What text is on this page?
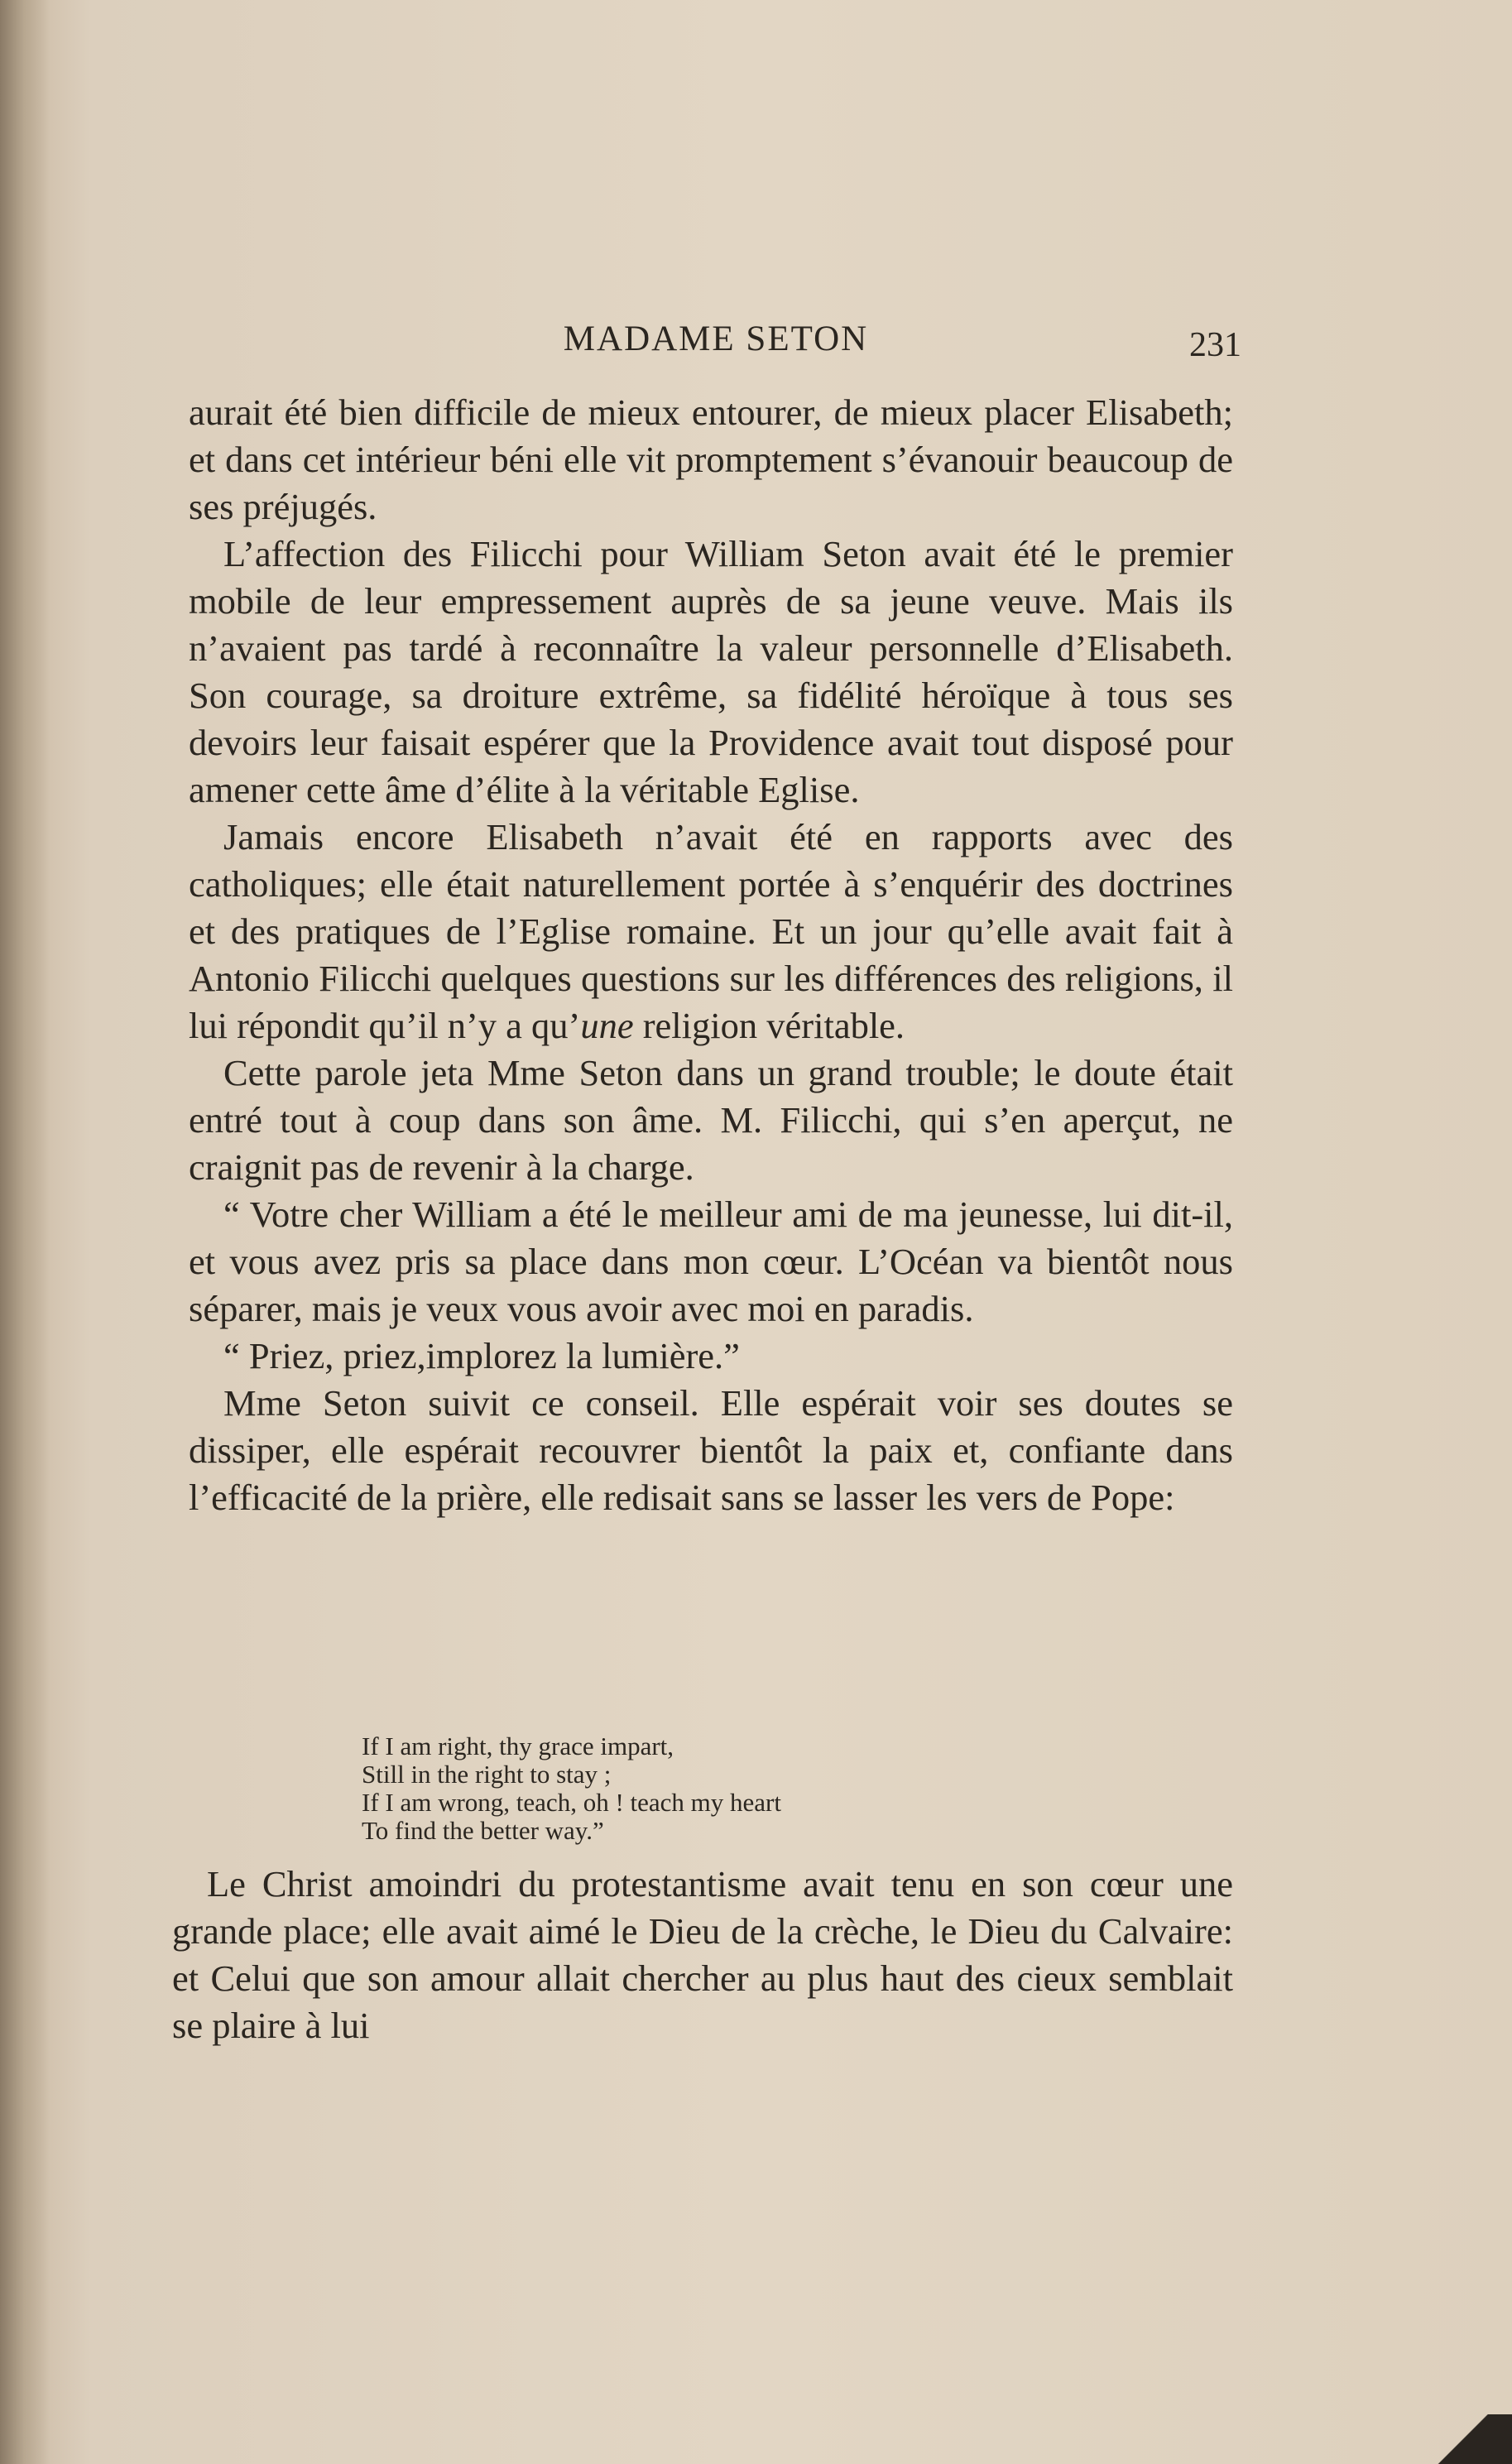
MADAME SETON	231

aurait été bien difficile de mieux entourer, de mieux placer Elisabeth; et dans cet intérieur béni elle vit promptement s’évanouir beaucoup de ses préjugés.

L’affection des Filicchi pour William Seton avait été le premier mobile de leur empressement auprès de sa jeune veuve. Mais ils n’avaient pas tardé à reconnaître la valeur personnelle d’Elisabeth. Son courage, sa droiture extrême, sa fidélité héroïque à tous ses devoirs leur faisait espérer que la Providence avait tout disposé pour amener cette âme d’élite à la véritable Eglise.

Jamais encore Elisabeth n’avait été en rapports avec des catholiques; elle était naturellement portée à s’enquérir des doctrines et des pratiques de l’Eglise romaine. Et un jour qu’elle avait fait à Antonio Filicchi quelques questions sur les différences des religions, il lui répondit qu’il n’y a qu’une religion véritable.

Cette parole jeta Mme Seton dans un grand trouble; le doute était entré tout à coup dans son âme. M. Filicchi, qui s’en aperçut, ne craignit pas de revenir à la charge.

“ Votre cher William a été le meilleur ami de ma jeunesse, lui dit-il, et vous avez pris sa place dans mon cœur. L’Océan va bientôt nous séparer, mais je veux vous avoir avec moi en paradis.

“ Priez, priez,implorez la lumière.”

Mme Seton suivit ce conseil. Elle espérait voir ses doutes se dissiper, elle espérait recouvrer bientôt la paix et, confiante dans l’efficacité de la prière, elle redisait sans se lasser les vers de Pope:

If I am right, thy grace impart,
Still in the right to stay ;
If I am wrong, teach, oh ! teach my heart
To find the better way.”

Le Christ amoindri du protestantisme avait tenu en son cœur une grande place; elle avait aimé le Dieu de la crèche, le Dieu du Calvaire: et Celui que son amour allait chercher au plus haut des cieux semblait se plaire à lui
